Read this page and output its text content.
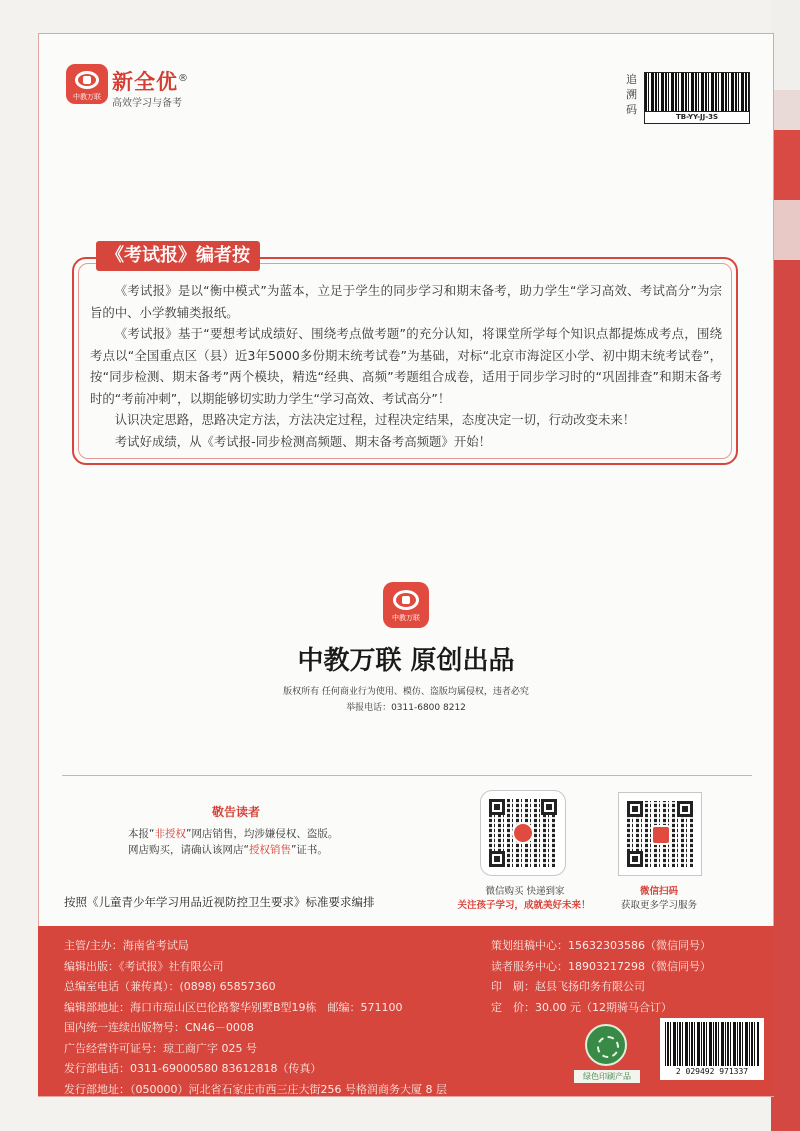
中教万联
新全优®
高效学习与备考
追溯码
TB-YY-JJ-3S
《考试报》编者按

《考试报》是以“衡中模式”为蓝本，立足于学生的同步学习和期末备考，助力学生“学习高效、考试高分”为宗旨的中、小学教辅类报纸。

《考试报》基于“要想考试成绩好、围绕考点做考题”的充分认知，将课堂所学每个知识点都提炼成考点，围绕考点以“全国重点区（县）近3年5000多份期末统考试卷”为基础，对标“北京市海淀区小学、初中期末统考试卷”，按“同步检测、期末备考”两个模块，精选“经典、高频”考题组合成卷，适用于同步学习时的“巩固排查”和期末备考时的“考前冲刺”，以期能够切实助力学生“学习高效、考试高分”！

认识决定思路，思路决定方法，方法决定过程，过程决定结果，态度决定一切，行动改变未来！

考试好成绩，从《考试报-同步检测高频题、期末备考高频题》开始！

中教万联
中教万联 原创出品
版权所有 任何商业行为使用、模仿、盗版均属侵权，违者必究
举报电话：0311-6800 8212
敬告读者
本报“非授权”网店销售，均涉嫌侵权、盗版。
网店购买，请确认该网店“授权销售”证书。
微信购买 快递到家
关注孩子学习，成就美好未来！
微信扫码
获取更多学习服务
按照《儿童青少年学习用品近视防控卫生要求》标准要求编排
主管/主办：海南省考试局
编辑出版：《考试报》社有限公司
总编室电话（兼传真）：(0898) 65857360
编辑部地址：海口市琼山区巴伦路黎华别墅B型19栋　邮编：571100
国内统一连续出版物号：CN46－0008
广告经营许可证号：琼工商广字 025 号
发行部电话：0311-69000580 83612818（传真）
发行部地址：（050000）河北省石家庄市西三庄大街256 号格润商务大厦 8 层
策划组稿中心：15632303586（微信同号）
读者服务中心：18903217298（微信同号）
印　刷：赵县飞扬印务有限公司
定　价：30.00 元（12期骑马合订）
绿色印刷产品
2 029492 971337
